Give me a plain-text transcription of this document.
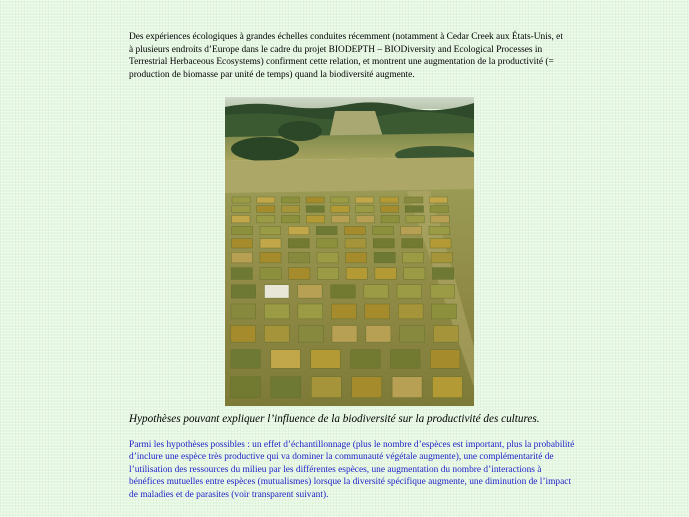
Des expériences écologiques à grandes échelles conduites récemment (notamment à Cedar Creek aux États-Unis, et à plusieurs endroits d’Europe dans le cadre du projet BIODEPTH – BIODiversity and Ecological Processes in Terrestrial Herbaceous Ecosystems) confirment cette relation, et montrent une augmentation de la productivité (= production de biomasse par unité de temps) quand la biodiversité augmente.

Hypothèses pouvant expliquer l’influence de la biodiversité sur la productivité des cultures.

Parmi les hypothèses possibles : un effet d’échantillonnage (plus le nombre d’espèces est important, plus la probabilité d’inclure une espèce très productive qui va dominer la communauté végétale augmente), une complémentarité de l’utilisation des ressources du milieu par les différentes espèces, une augmentation du nombre d’interactions à bénéfices mutuelles entre espèces (mutualismes) lorsque la diversité spécifique augmente, une diminution de l’impact de maladies et de parasites (voir transparent suivant).
